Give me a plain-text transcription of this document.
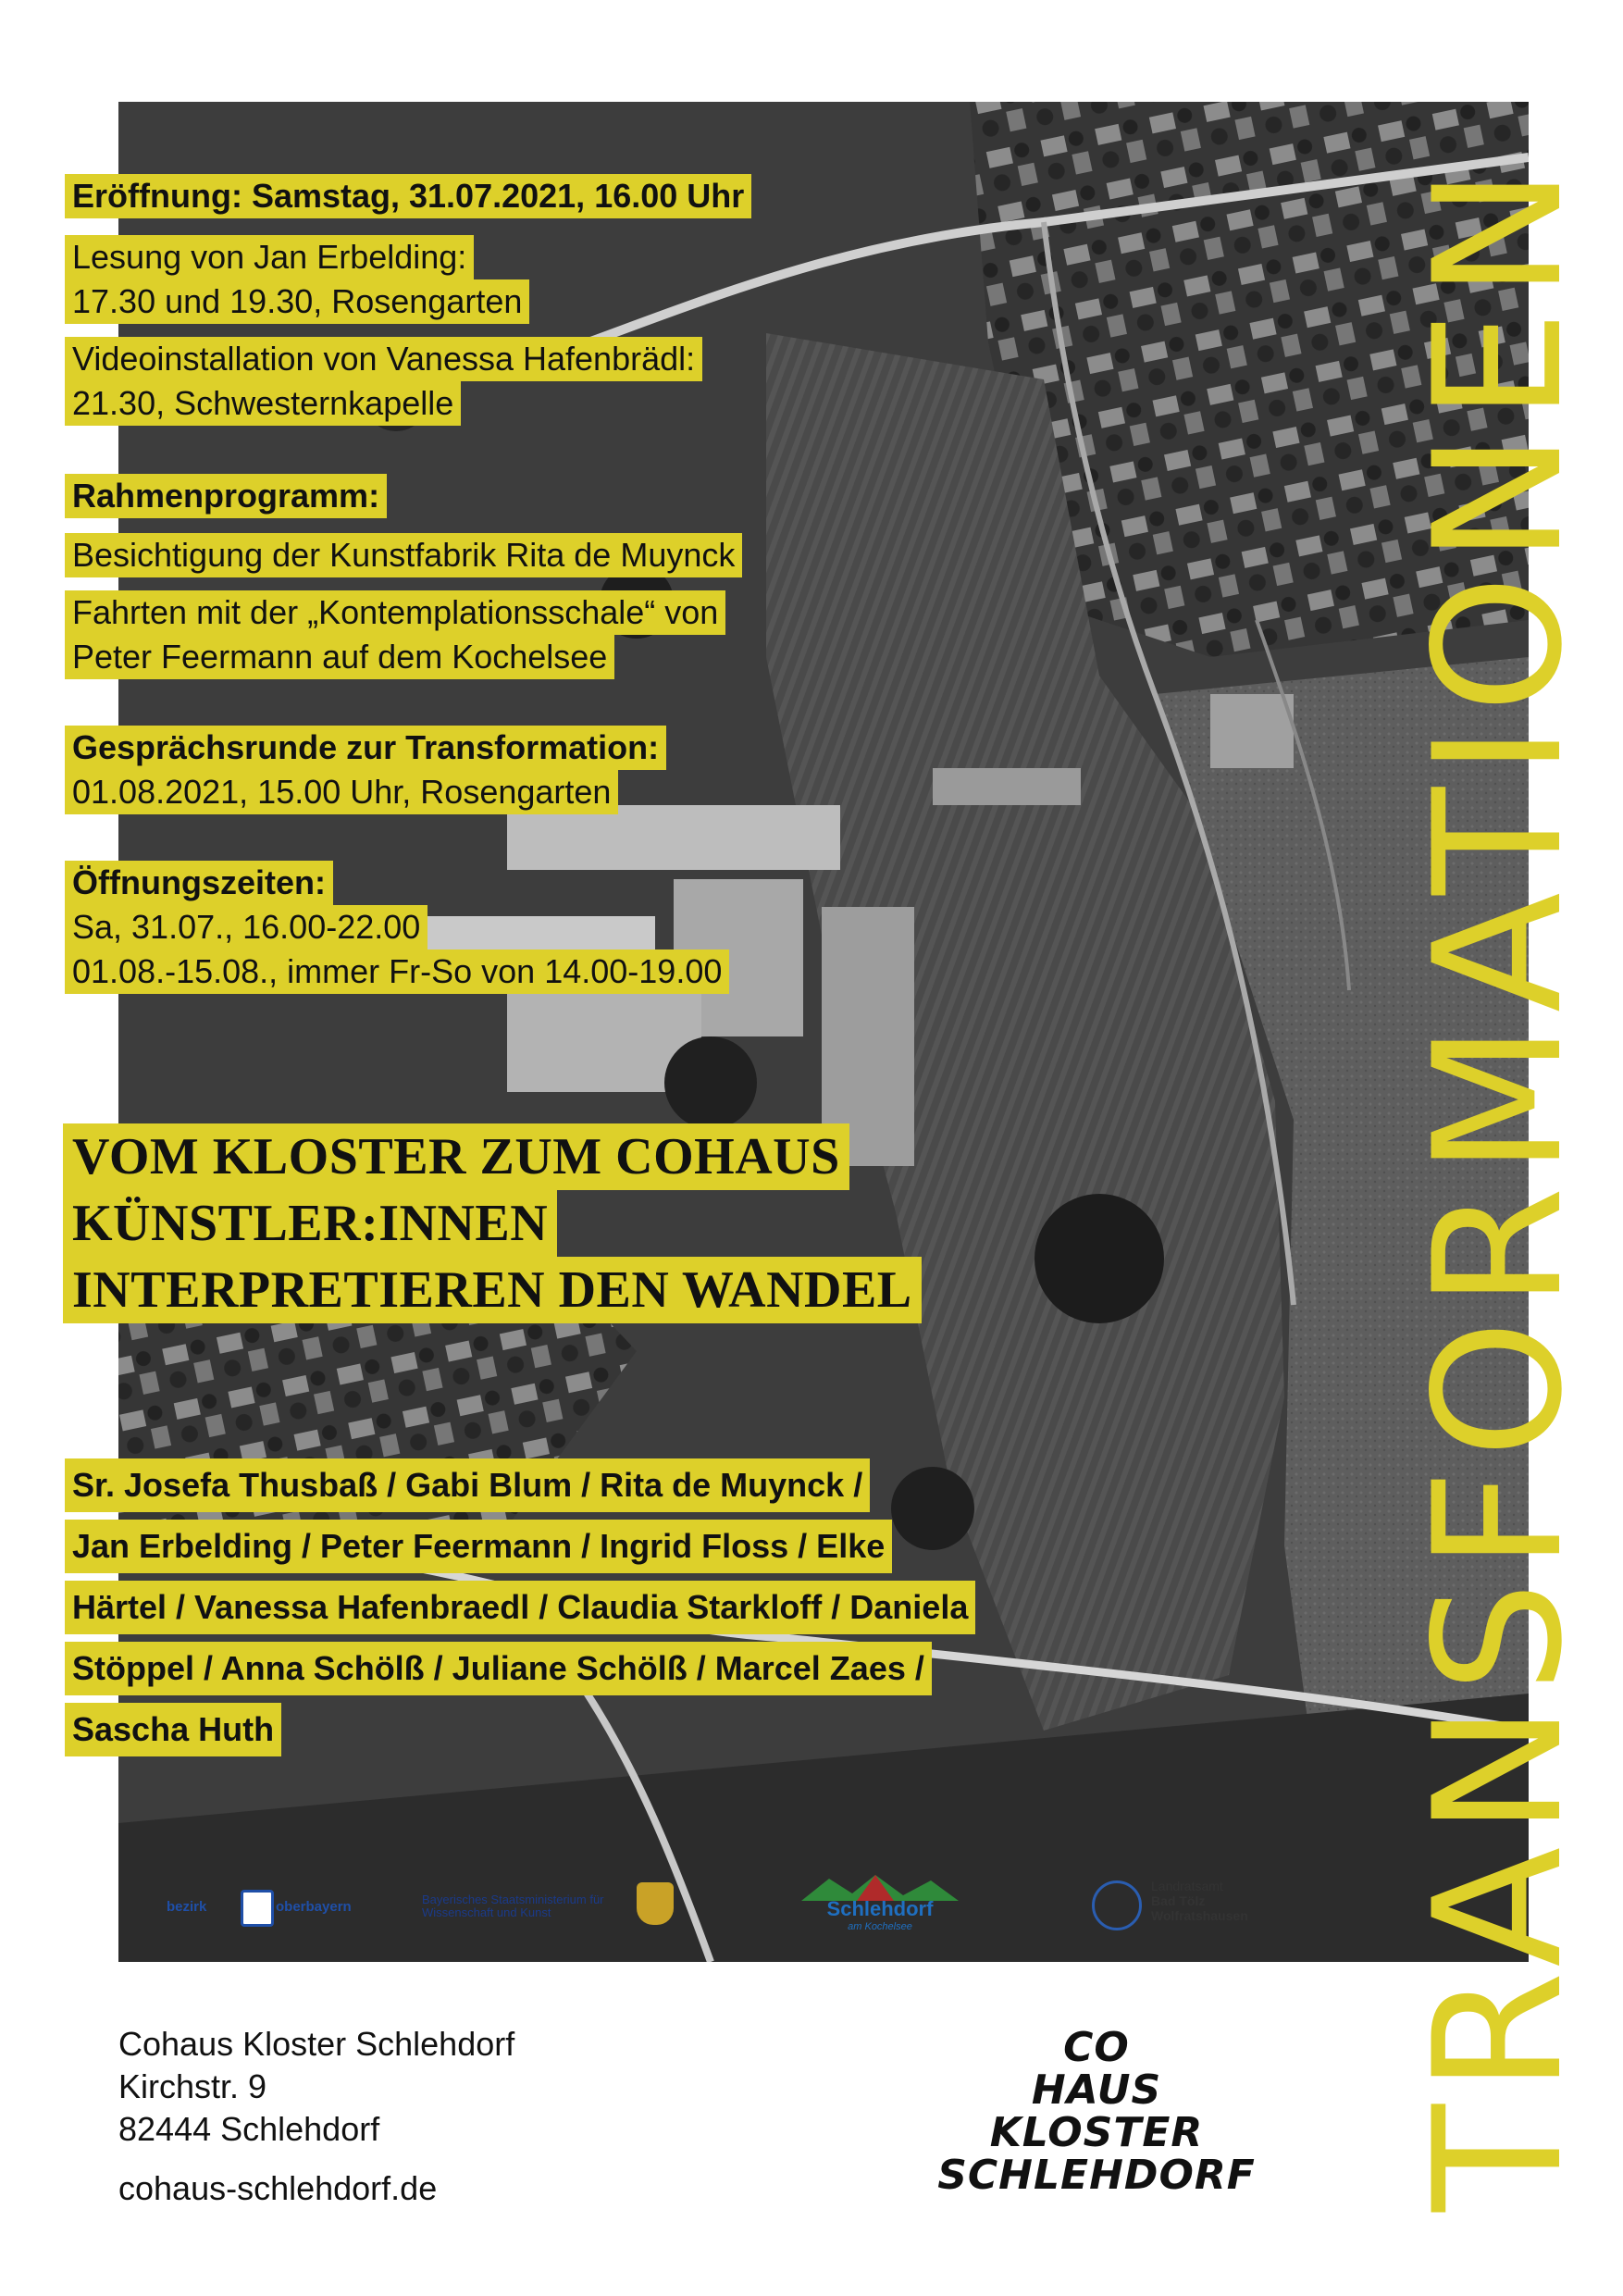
Eröffnung: Samstag, 31.07.2021, 16.00 Uhr
Lesung von Jan Erbelding:
17.30 und 19.30, Rosengarten
Videoinstallation von Vanessa Hafenbrädl:
21.30, Schwesternkapelle
Rahmenprogramm:
Besichtigung der Kunstfabrik Rita de Muynck
Fahrten mit der „Kontemplationsschale“ von
Peter Feermann auf dem Kochelsee
Gesprächsrunde zur Transformation:
01.08.2021, 15.00 Uhr, Rosengarten
Öffnungszeiten:
Sa, 31.07., 16.00-22.00
01.08.-15.08., immer Fr-So von 14.00-19.00
VOM KLOSTER ZUM COHAUS
KÜNSTLER:INNEN
INTERPRETIEREN DEN WANDEL
Sr. Josefa Thusbaß / Gabi Blum / Rita de Muynck /
Jan Erbelding / Peter Feermann / Ingrid Floss / Elke
Härtel / Vanessa Hafenbraedl / Claudia Starkloff / Daniela
Stöppel / Anna Schölß / Juliane Schölß / Marcel Zaes /
Sascha Huth
bezirk	oberbayern	Bayerisches Staatsministerium für
Wissenschaft und Kunst	Schlehdorf
am Kochelsee
Landratsamt
Bad Tölz
Wolfratshausen TRANSFORMATIONEN
Cohaus Kloster Schlehdorf
Kirchstr. 9
82444 Schlehdorf
cohaus-schlehdorf.de
CO
HAUS
KLOSTER
SCHLEHDORF
